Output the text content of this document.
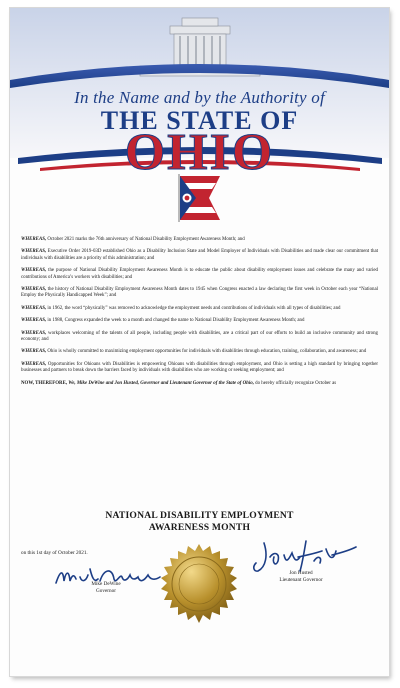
In the Name and by the Authority of
THE STATE OF
OHIO

WHEREAS, October 2021 marks the 76th anniversary of National Disability Employment Awareness Month; and

WHEREAS, Executive Order 2019-03D established Ohio as a Disability Inclusion State and Model Employer of Individuals with Disabilities and made clear our commitment that individuals with disabilities are a priority of this administration; and

WHEREAS, the purpose of National Disability Employment Awareness Month is to educate the public about disability employment issues and celebrate the many and varied contributions of America’s workers with disabilities; and

WHEREAS, the history of National Disability Employment Awareness Month dates to 1945 when Congress enacted a law declaring the first week in October each year “National Employ the Physically Handicapped Week”; and

WHEREAS, in 1962, the word “physically” was removed to acknowledge the employment needs and contributions of individuals with all types of disabilities; and

WHEREAS, in 1988, Congress expanded the week to a month and changed the name to National Disability Employment Awareness Month; and

WHEREAS, workplaces welcoming of the talents of all people, including people with disabilities, are a critical part of our efforts to build an inclusive community and strong economy; and

WHEREAS, Ohio is wholly committed to maximizing employment opportunities for individuals with disabilities through education, training, collaboration, and awareness; and

WHEREAS, Opportunities for Ohioans with Disabilities is empowering Ohioans with disabilities through employment, and Ohio is setting a high standard by bringing together businesses and partners to break down the barriers faced by individuals with disabilities who are working or seeking employment; and

NOW, THEREFORE, We, Mike DeWine and Jon Husted, Governor and Lieutenant Governor of the State of Ohio, do hereby officially recognize October as

NATIONAL DISABILITY EMPLOYMENT
AWARENESS MONTH
on this 1st day of October 2021.
Mike DeWine
Governor
Jon Husted
Lieutenant Governor
